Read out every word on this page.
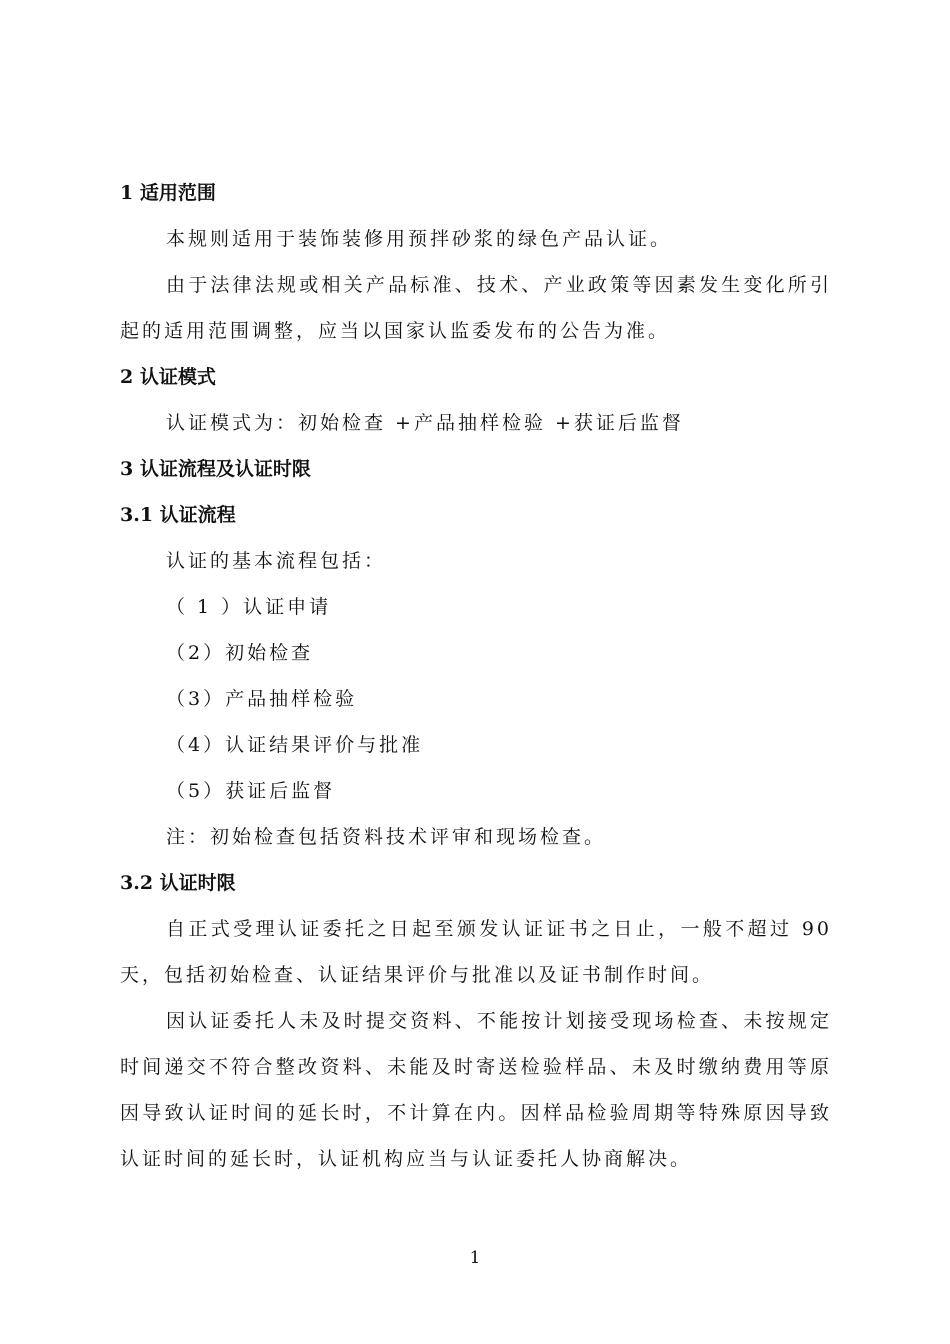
1 适用范围

本规则适用于装饰装修用预拌砂浆的绿色产品认证。

由于法律法规或相关产品标准、技术、产业政策等因素发生变化所引起的适用范围调整，应当以国家认监委发布的公告为准。

2 认证模式

认证模式为：初始检查 +产品抽样检验 +获证后监督

3 认证流程及认证时限

3.1 认证流程

认证的基本流程包括：

（ 1 ）认证申请

（2）初始检查

（3）产品抽样检验

（4）认证结果评价与批准

（5）获证后监督

注：初始检查包括资料技术评审和现场检查。

3.2 认证时限

自正式受理认证委托之日起至颁发认证证书之日止，一般不超过 90天，包括初始检查、认证结果评价与批准以及证书制作时间。

因认证委托人未及时提交资料、不能按计划接受现场检查、未按规定时间递交不符合整改资料、未能及时寄送检验样品、未及时缴纳费用等原因导致认证时间的延长时，不计算在内。因样品检验周期等特殊原因导致认证时间的延长时，认证机构应当与认证委托人协商解决。

1
